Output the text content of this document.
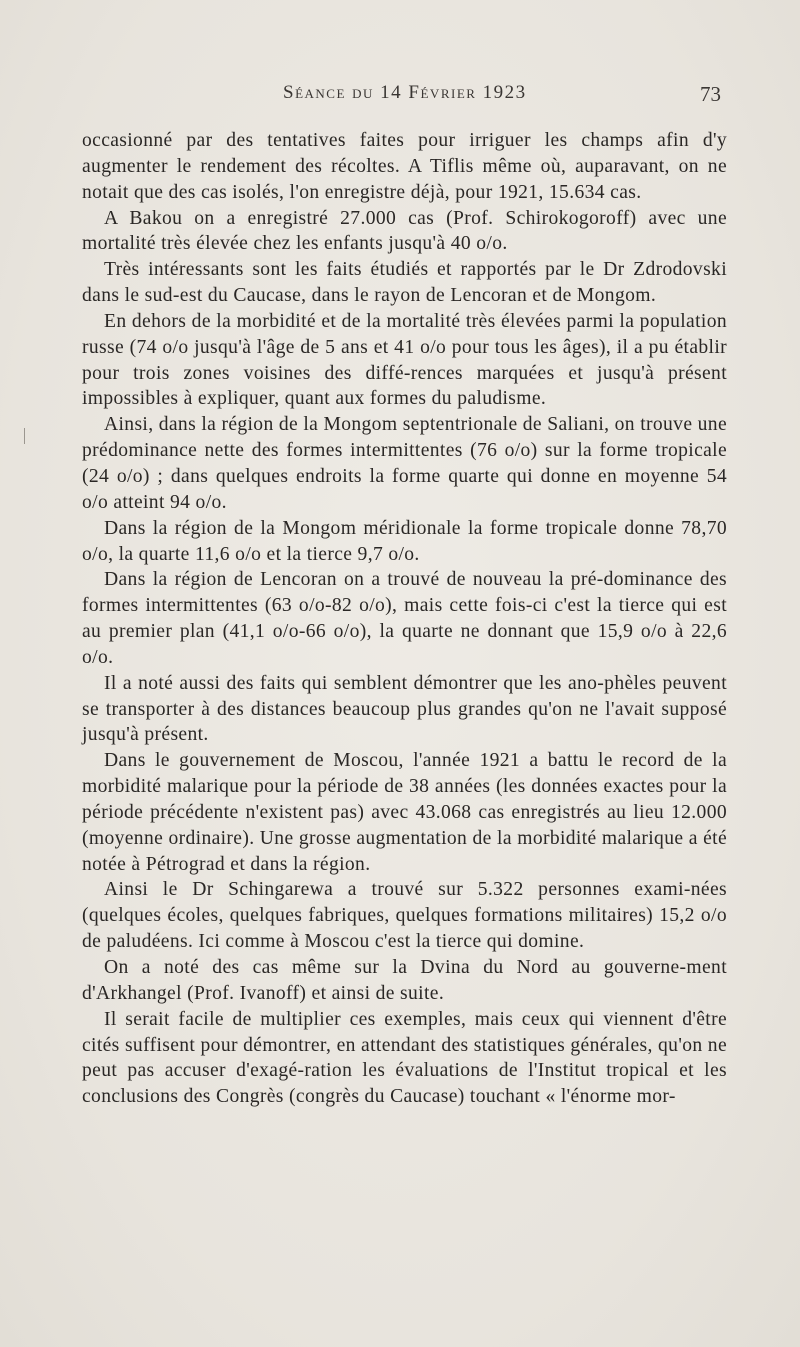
Séance du 14 Février 1923	73

occasionné par des tentatives faites pour irriguer les champs afin d'y augmenter le rendement des récoltes. A Tiflis même où, auparavant, on ne notait que des cas isolés, l'on enregistre déjà, pour 1921, 15.634 cas.

A Bakou on a enregistré 27.000 cas (Prof. Schirokogoroff) avec une mortalité très élevée chez les enfants jusqu'à 40 o/o.

Très intéressants sont les faits étudiés et rapportés par le Dr Zdrodovski dans le sud-est du Caucase, dans le rayon de Lencoran et de Mongom.

En dehors de la morbidité et de la mortalité très élevées parmi la population russe (74 o/o jusqu'à l'âge de 5 ans et 41 o/o pour tous les âges), il a pu établir pour trois zones voisines des diffé-rences marquées et jusqu'à présent impossibles à expliquer, quant aux formes du paludisme.

Ainsi, dans la région de la Mongom septentrionale de Saliani, on trouve une prédominance nette des formes intermittentes (76 o/o) sur la forme tropicale (24 o/o) ; dans quelques endroits la forme quarte qui donne en moyenne 54 o/o atteint 94 o/o.

Dans la région de la Mongom méridionale la forme tropicale donne 78,70 o/o, la quarte 11,6 o/o et la tierce 9,7 o/o.

Dans la région de Lencoran on a trouvé de nouveau la pré-dominance des formes intermittentes (63 o/o-82 o/o), mais cette fois-ci c'est la tierce qui est au premier plan (41,1 o/o-66 o/o), la quarte ne donnant que 15,9 o/o à 22,6 o/o.

Il a noté aussi des faits qui semblent démontrer que les ano-phèles peuvent se transporter à des distances beaucoup plus grandes qu'on ne l'avait supposé jusqu'à présent.

Dans le gouvernement de Moscou, l'année 1921 a battu le record de la morbidité malarique pour la période de 38 années (les données exactes pour la période précédente n'existent pas) avec 43.068 cas enregistrés au lieu 12.000 (moyenne ordinaire). Une grosse augmentation de la morbidité malarique a été notée à Pétrograd et dans la région.

Ainsi le Dr Schingarewa a trouvé sur 5.322 personnes exami-nées (quelques écoles, quelques fabriques, quelques formations militaires) 15,2 o/o de paludéens. Ici comme à Moscou c'est la tierce qui domine.

On a noté des cas même sur la Dvina du Nord au gouverne-ment d'Arkhangel (Prof. Ivanoff) et ainsi de suite.

Il serait facile de multiplier ces exemples, mais ceux qui viennent d'être cités suffisent pour démontrer, en attendant des statistiques générales, qu'on ne peut pas accuser d'exagé-ration les évaluations de l'Institut tropical et les conclusions des Congrès (congrès du Caucase) touchant « l'énorme mor-
